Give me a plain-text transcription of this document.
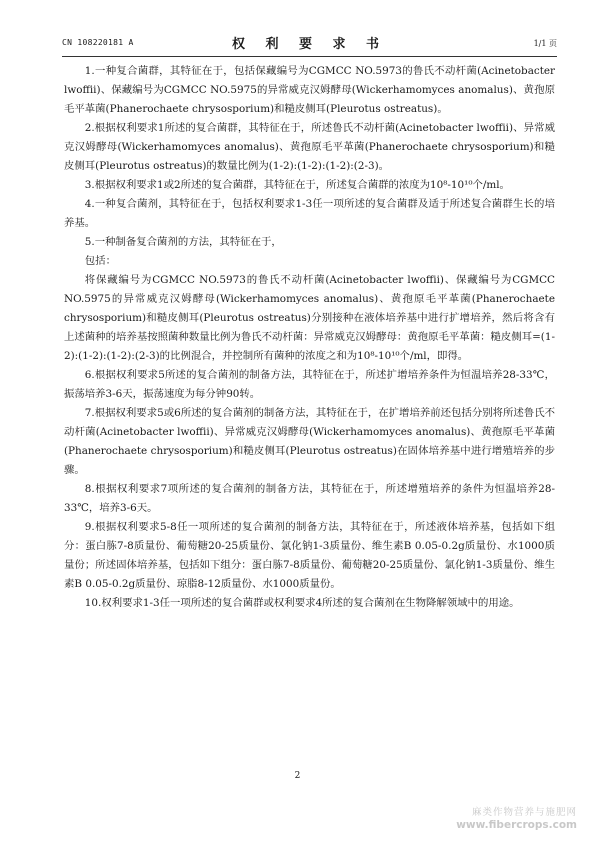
CN 108220181 A	权 利 要 求 书	1/1 页

1.一种复合菌群，其特征在于，包括保藏编号为CGMCC NO.5973的鲁氏不动杆菌(Acinetobacter lwoffii)、保藏编号为CGMCC NO.5975的异常威克汉姆酵母(Wickerhamomyces anomalus)、黄孢原毛平革菌(Phanerochaete chrysosporium)和糙皮侧耳(Pleurotus ostreatus)。

2.根据权利要求1所述的复合菌群，其特征在于，所述鲁氏不动杆菌(Acinetobacter lwoffii)、异常威克汉姆酵母(Wickerhamomyces anomalus)、黄孢原毛平革菌(Phanerochaete chrysosporium)和糙皮侧耳(Pleurotus ostreatus)的数量比例为(1-2):(1-2):(1-2):(2-3)。

3.根据权利要求1或2所述的复合菌群，其特征在于，所述复合菌群的浓度为10⁸-10¹⁰个/ml。

4.一种复合菌剂，其特征在于，包括权利要求1-3任一项所述的复合菌群及适于所述复合菌群生长的培养基。

5.一种制备复合菌剂的方法，其特征在于，

包括：

将保藏编号为CGMCC NO.5973的鲁氏不动杆菌(Acinetobacter lwoffii)、保藏编号为CGMCC NO.5975的异常威克汉姆酵母(Wickerhamomyces anomalus)、黄孢原毛平革菌(Phanerochaete chrysosporium)和糙皮侧耳(Pleurotus ostreatus)分别接种在液体培养基中进行扩增培养，然后将含有上述菌种的培养基按照菌种数量比例为鲁氏不动杆菌：异常威克汉姆酵母：黄孢原毛平革菌：糙皮侧耳=(1-2):(1-2):(1-2):(2-3)的比例混合，并控制所有菌种的浓度之和为10⁸-10¹⁰个/ml，即得。

6.根据权利要求5所述的复合菌剂的制备方法，其特征在于，所述扩增培养条件为恒温培养28-33℃，振荡培养3-6天，振荡速度为每分钟90转。

7.根据权利要求5或6所述的复合菌剂的制备方法，其特征在于，在扩增培养前还包括分别将所述鲁氏不动杆菌(Acinetobacter lwoffii)、异常威克汉姆酵母(Wickerhamomyces anomalus)、黄孢原毛平革菌(Phanerochaete chrysosporium)和糙皮侧耳(Pleurotus ostreatus)在固体培养基中进行增殖培养的步骤。

8.根据权利要求7项所述的复合菌剂的制备方法，其特征在于，所述增殖培养的条件为恒温培养28-33℃，培养3-6天。

9.根据权利要求5-8任一项所述的复合菌剂的制备方法，其特征在于，所述液体培养基，包括如下组分：蛋白胨7-8质量份、葡萄糖20-25质量份、氯化钠1-3质量份、维生素B 0.05-0.2g质量份、水1000质量份；所述固体培养基，包括如下组分：蛋白胨7-8质量份、葡萄糖20-25质量份、氯化钠1-3质量份、维生素B 0.05-0.2g质量份、琼脂8-12质量份、水1000质量份。

10.权利要求1-3任一项所述的复合菌群或权利要求4所述的复合菌剂在生物降解领域中的用途。

2
麻类作物营养与施肥网
www.fibercrops.com
